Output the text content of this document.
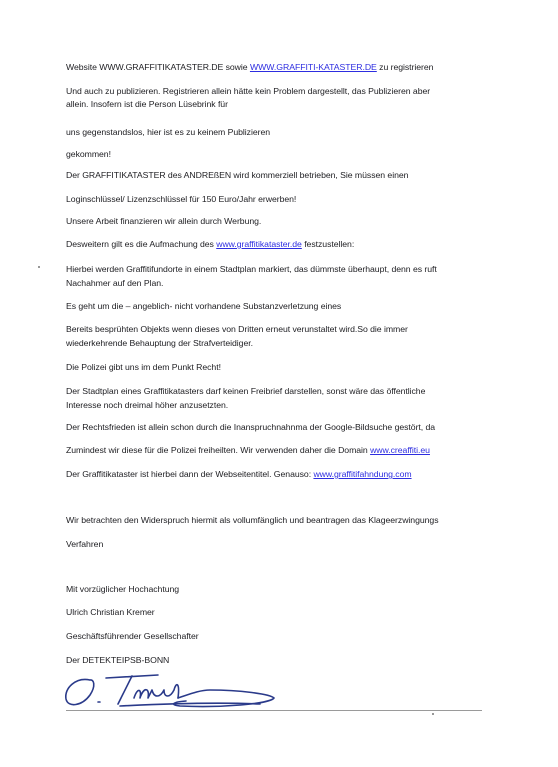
Website WWW.GRAFFITIKATASTER.DE sowie WWW.GRAFFITI-KATASTER.DE zu registrieren
Und auch zu publizieren. Registrieren allein hätte kein Problem dargestellt, das Publizieren aber
allein. Insofern ist die Person Lüsebrink für
uns gegenstandslos, hier ist es zu keinem Publizieren
gekommen!
Der GRAFFITIKATASTER des ANDREßEN wird kommerziell betrieben, Sie müssen einen
Loginschlüssel/ Lizenzschlüssel für 150 Euro/Jahr erwerben!
Unsere Arbeit finanzieren wir allein durch Werbung.
Desweitern gilt es die Aufmachung des www.graffitikataster.de festzustellen:
Hierbei werden Graffitifundorte in einem Stadtplan markiert, das dümmste überhaupt, denn es ruft
Nachahmer auf den Plan.
Es geht um die – angeblich- nicht vorhandene Substanzverletzung eines
Bereits besprühten Objekts wenn dieses von Dritten erneut verunstaltet wird.So die immer
wiederkehrende Behauptung der Strafverteidiger.
Die Polizei gibt uns im dem Punkt Recht!
Der Stadtplan eines Graffitikatasters darf keinen Freibrief darstellen, sonst wäre das öffentliche
Interesse noch dreimal höher anzusetzten.
Der Rechtsfrieden ist allein schon durch die Inanspruchnahnma der Google-Bildsuche gestört, da
Zumindest wir diese für die Polizei freiheilten. Wir verwenden daher die Domain www.creaffiti.eu
Der Graffitikataster ist hierbei dann der Webseitentitel. Genauso: www.graffitifahndung.com
Wir betrachten den Widerspruch hiermit als vollumfänglich und beantragen das Klageerzwingungs
Verfahren
Mit vorzüglicher Hochachtung
Ulrich Christian Kremer
Geschäftsführender Gesellschafter
Der DETEKTEIPSB-BONN
